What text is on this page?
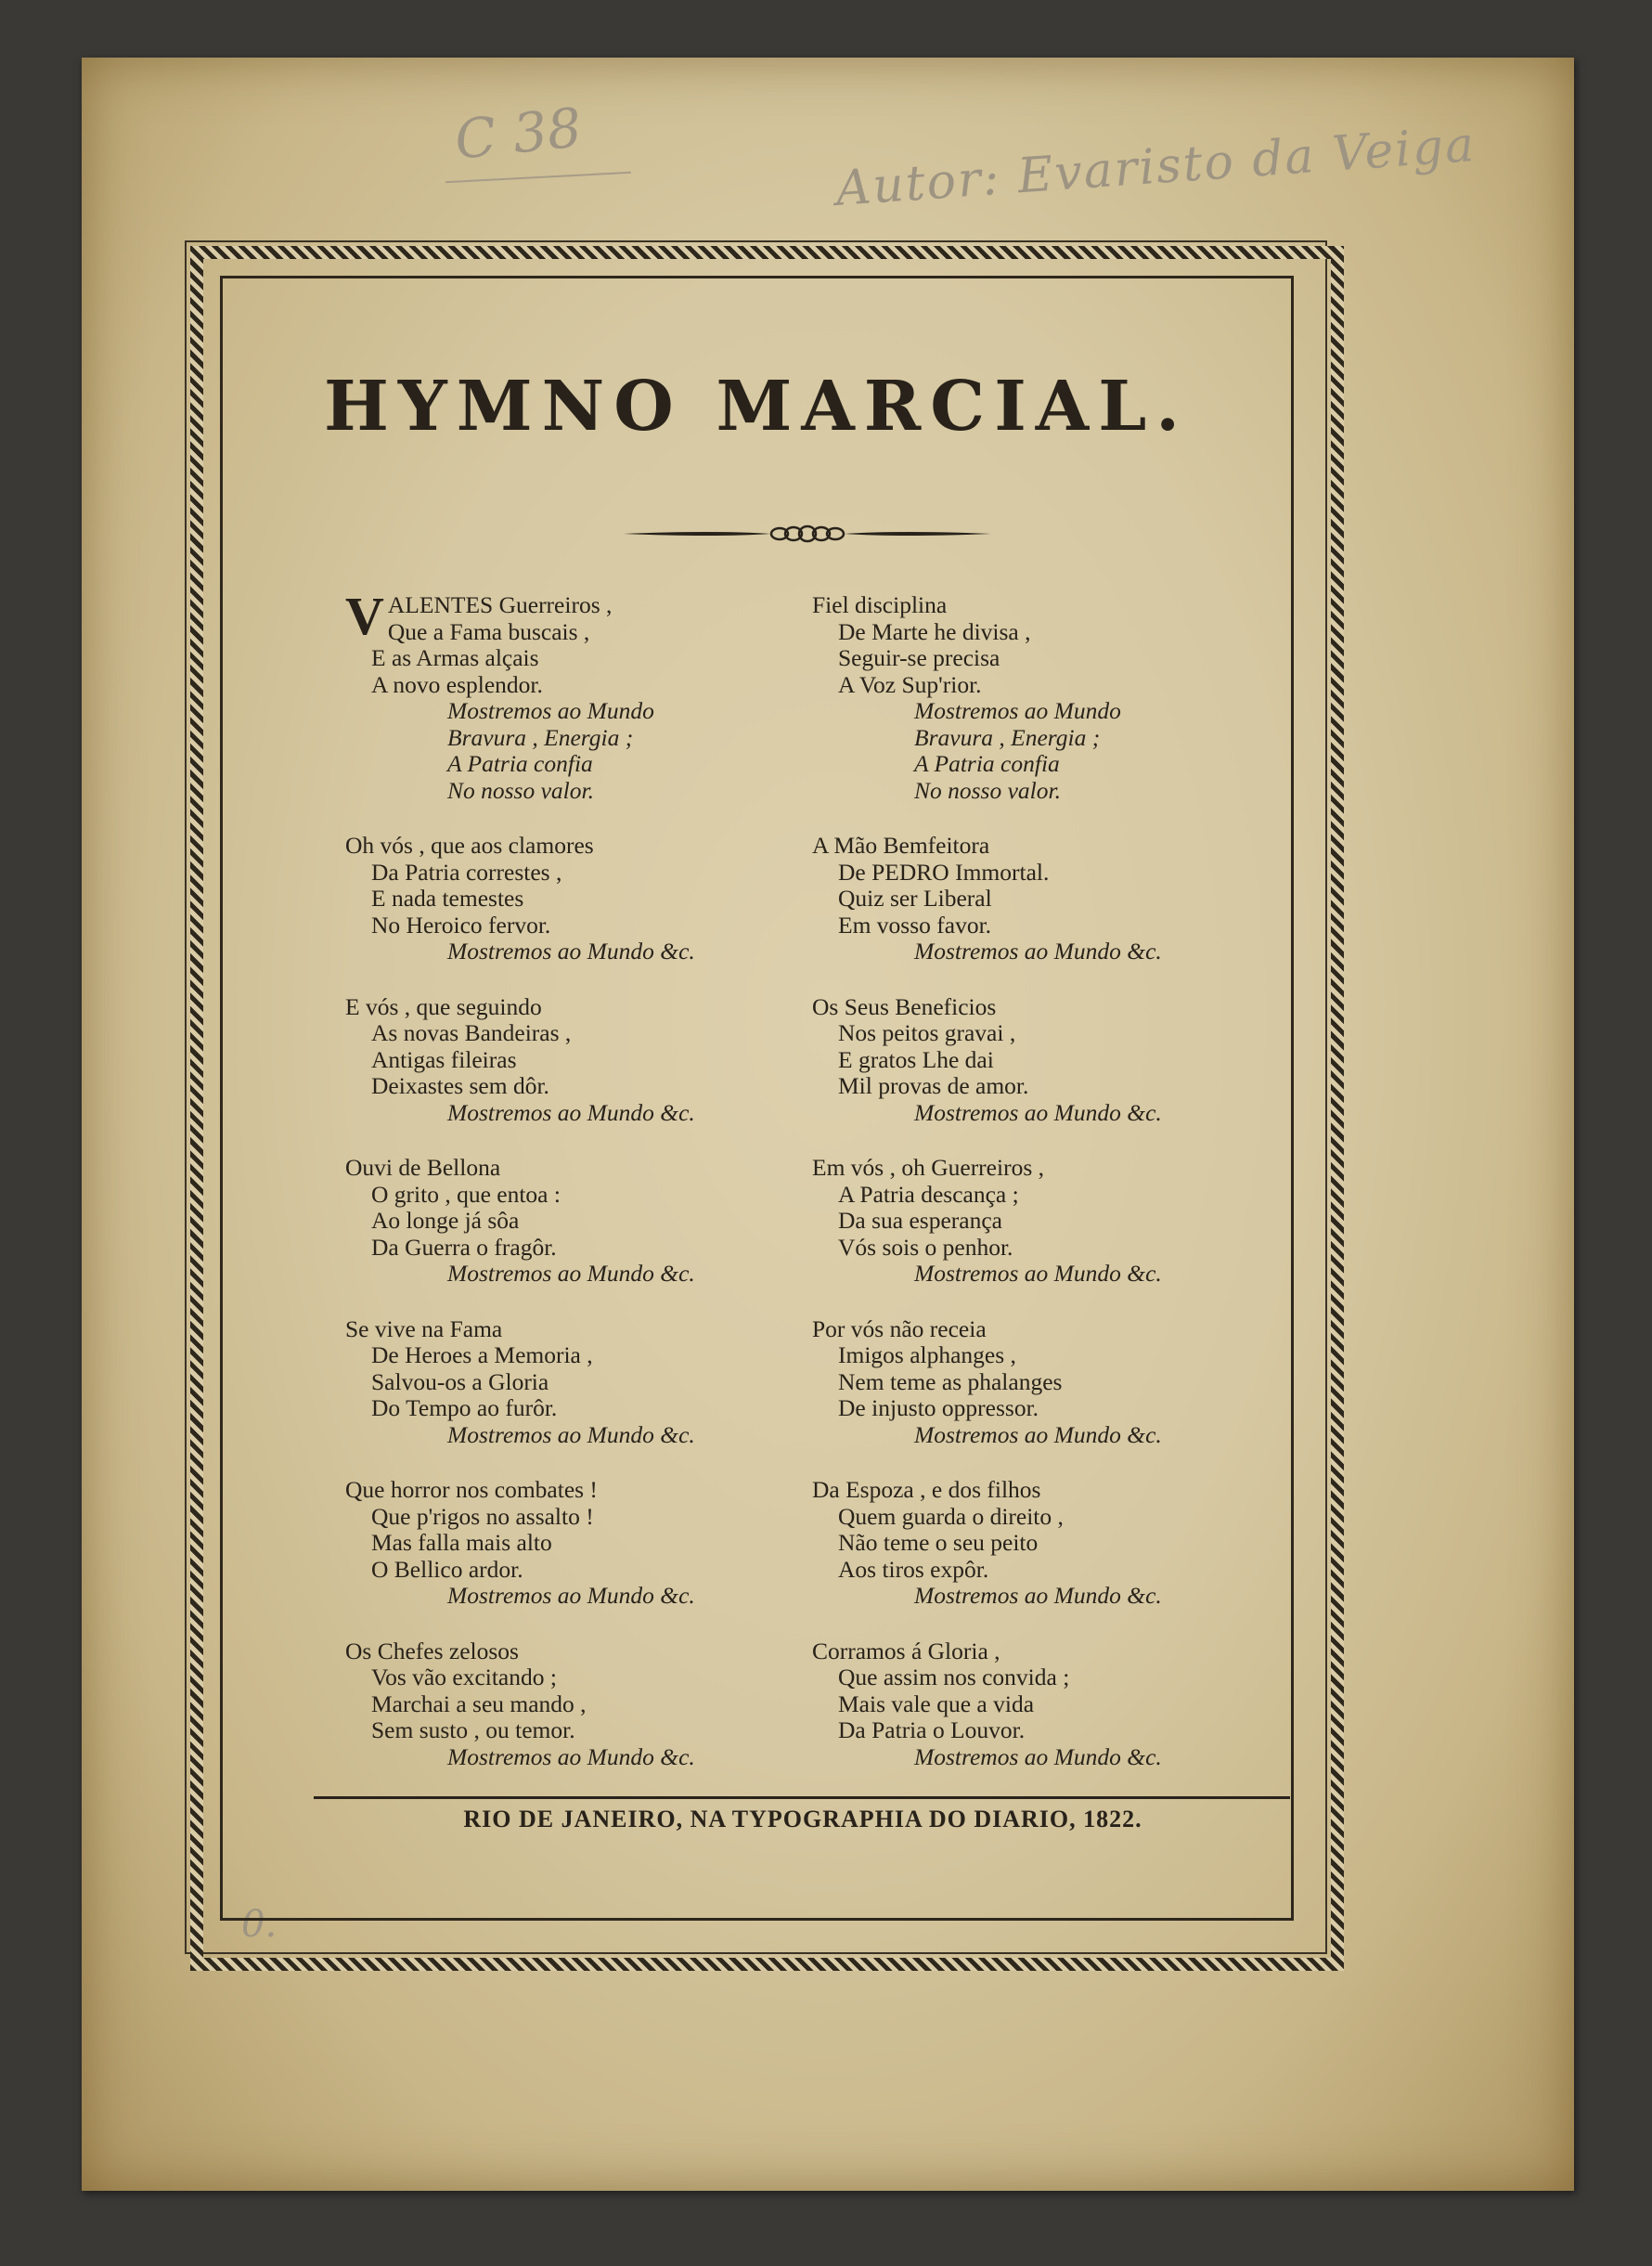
C 38	Autor: Evaristo da Veiga
0.
HYMNO MARCIAL.
V ALENTES Guerreiros ,
Que a Fama buscais ,
E as Armas alçais
A novo esplendor.
Mostremos ao Mundo
Bravura , Energia ;
A Patria confia
No nosso valor.
Oh vós , que aos clamores
Da Patria correstes ,
E nada temestes
No Heroico fervor.
Mostremos ao Mundo &c.
E vós , que seguindo
As novas Bandeiras ,
Antigas fileiras
Deixastes sem dôr.
Mostremos ao Mundo &c.
Ouvi de Bellona
O grito , que entoa :
Ao longe já sôa
Da Guerra o fragôr.
Mostremos ao Mundo &c.
Se vive na Fama
De Heroes a Memoria ,
Salvou-os a Gloria
Do Tempo ao furôr.
Mostremos ao Mundo &c.
Que horror nos combates !
Que p'rigos no assalto !
Mas falla mais alto
O Bellico ardor.
Mostremos ao Mundo &c.
Os Chefes zelosos
Vos vão excitando ;
Marchai a seu mando ,
Sem susto , ou temor.
Mostremos ao Mundo &c.
Fiel disciplina
De Marte he divisa ,
Seguir-se precisa
A Voz Sup'rior.
Mostremos ao Mundo
Bravura , Energia ;
A Patria confia
No nosso valor.
A Mão Bemfeitora
De PEDRO Immortal.
Quiz ser Liberal
Em vosso favor.
Mostremos ao Mundo &c.
Os Seus Beneficios
Nos peitos gravai ,
E gratos Lhe dai
Mil provas de amor.
Mostremos ao Mundo &c.
Em vós , oh Guerreiros ,
A Patria descança ;
Da sua esperança
Vós sois o penhor.
Mostremos ao Mundo &c.
Por vós não receia
Imigos alphanges ,
Nem teme as phalanges
De injusto oppressor.
Mostremos ao Mundo &c.
Da Espoza , e dos filhos
Quem guarda o direito ,
Não teme o seu peito
Aos tiros expôr.
Mostremos ao Mundo &c.
Corramos á Gloria ,
Que assim nos convida ;
Mais vale que a vida
Da Patria o Louvor.
Mostremos ao Mundo &c.
RIO DE JANEIRO, NA TYPOGRAPHIA DO DIARIO, 1822.
